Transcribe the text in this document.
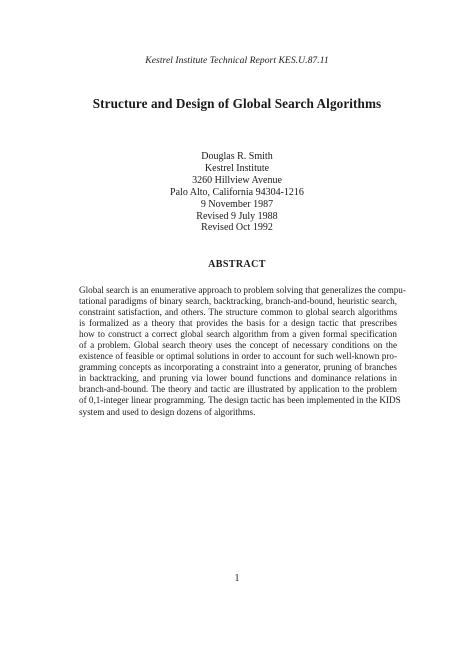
Kestrel Institute Technical Report KES.U.87.11
Structure and Design of Global Search Algorithms
Douglas R. Smith
Kestrel Institute
3260 Hillview Avenue
Palo Alto, California 94304-1216
9 November 1987
Revised 9 July 1988
Revised Oct 1992
ABSTRACT
Global search is an enumerative approach to problem solving that generalizes the compu-
tational paradigms of binary search, backtracking, branch-and-bound, heuristic search,
constraint satisfaction, and others. The structure common to global search algorithms
is formalized as a theory that provides the basis for a design tactic that prescribes
how to construct a correct global search algorithm from a given formal specification
of a problem. Global search theory uses the concept of necessary conditions on the
existence of feasible or optimal solutions in order to account for such well-known pro-
gramming concepts as incorporating a constraint into a generator, pruning of branches
in backtracking, and pruning via lower bound functions and dominance relations in
branch-and-bound. The theory and tactic are illustrated by application to the problem
of 0,1-integer linear programming. The design tactic has been implemented in the KIDS
system and used to design dozens of algorithms.
1
